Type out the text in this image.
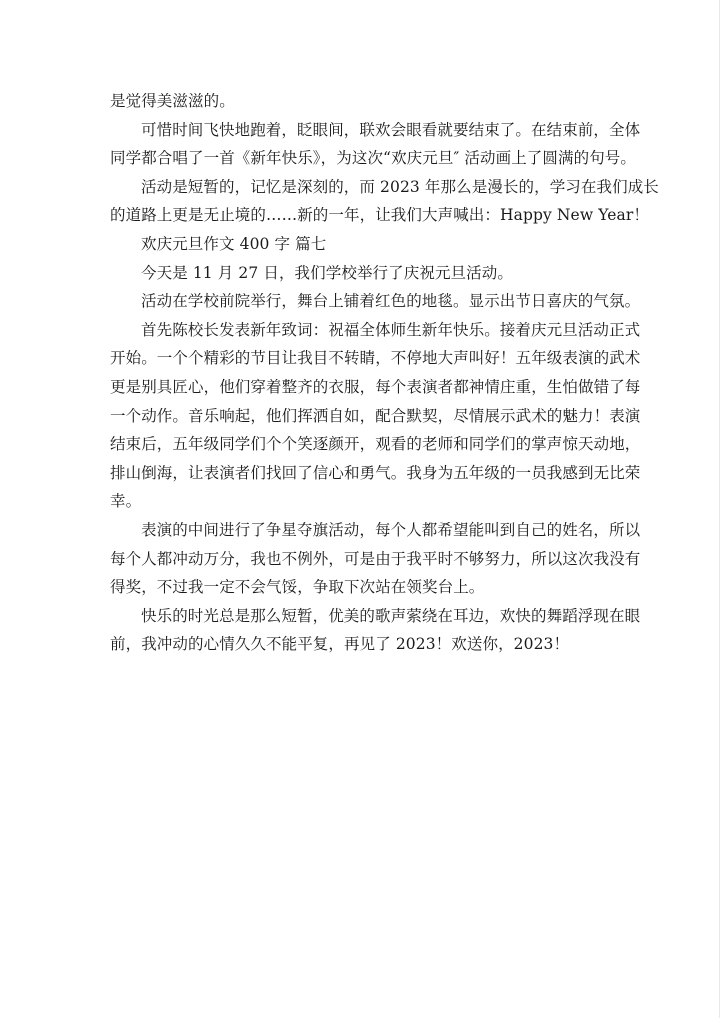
是觉得美滋滋的。
可惜时间飞快地跑着，眨眼间，联欢会眼看就要结束了。在结束前，全体
同学都合唱了一首《新年快乐》，为这次“欢庆元旦″ 活动画上了圆满的句号。
活动是短暂的，记忆是深刻的，而 2023 年那么是漫长的，学习在我们成长
的道路上更是无止境的……新的一年，让我们大声喊出：Happy New Year！
欢庆元旦作文 400 字 篇七
今天是 11 月 27 日，我们学校举行了庆祝元旦活动。
活动在学校前院举行，舞台上铺着红色的地毯。显示出节日喜庆的气氛。
首先陈校长发表新年致词：祝福全体师生新年快乐。接着庆元旦活动正式
开始。一个个精彩的节目让我目不转睛，不停地大声叫好！五年级表演的武术
更是别具匠心，他们穿着整齐的衣服，每个表演者都神情庄重，生怕做错了每
一个动作。音乐响起，他们挥洒自如，配合默契，尽情展示武术的魅力！表演
结束后，五年级同学们个个笑逐颜开，观看的老师和同学们的掌声惊天动地，
排山倒海，让表演者们找回了信心和勇气。我身为五年级的一员我感到无比荣
幸。
表演的中间进行了争星夺旗活动，每个人都希望能叫到自己的姓名，所以
每个人都冲动万分，我也不例外，可是由于我平时不够努力，所以这次我没有
得奖，不过我一定不会气馁，争取下次站在领奖台上。
快乐的时光总是那么短暂，优美的歌声萦绕在耳边，欢快的舞蹈浮现在眼
前，我冲动的心情久久不能平复，再见了 2023！欢送你，2023！
